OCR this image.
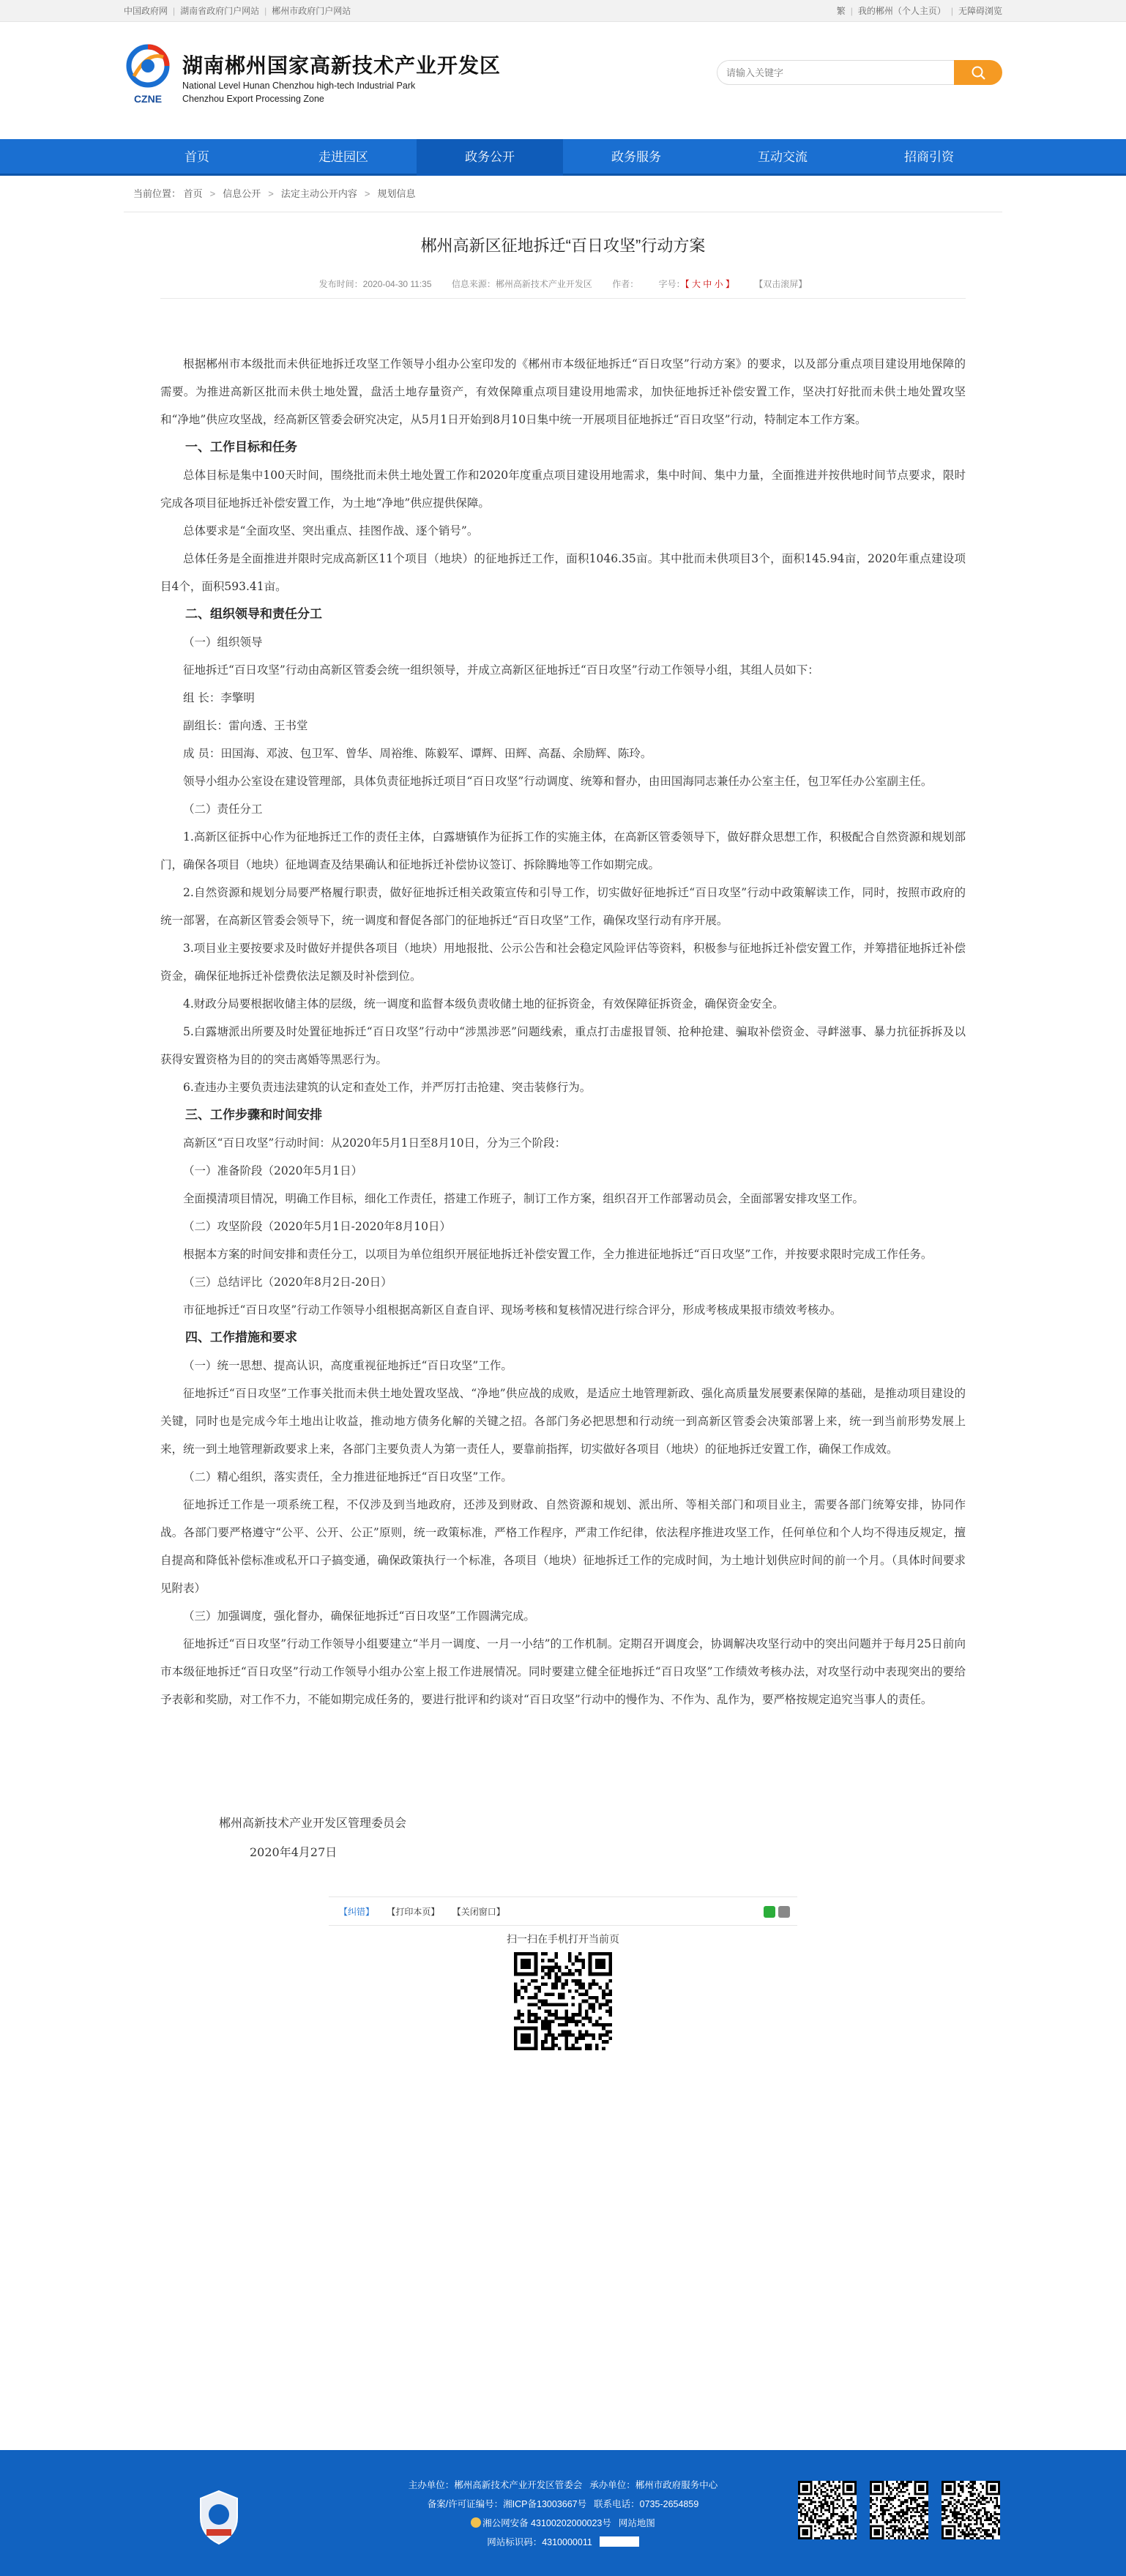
中国政府网 | 湖南省政府门户网站 | 郴州市政府门户网站	繁 | 我的郴州（个人主页） | 无障碍浏览
CZNE
湖南郴州国家高新技术产业开发区
National Level Hunan Chenzhou high-tech Industrial Park
Chenzhou Export Processing Zone
请输入关键字
首页	走进园区	政务公开	政务服务	互动交流	招商引资
当前位置： 首页 > 信息公开 > 法定主动公开内容 > 规划信息
郴州高新区征地拆迁“百日攻坚”行动方案
发布时间：2020-04-30 11:35 信息来源：郴州高新技术产业开发区 作者： 字号：【 大 中 小 】 【双击滚屏】

根据郴州市本级批而未供征地拆迁攻坚工作领导小组办公室印发的《郴州市本级征地拆迁“百日攻坚”行动方案》的要求，以及部分重点项目建设用地保障的需要。为推进高新区批而未供土地处置，盘活土地存量资产，有效保障重点项目建设用地需求，加快征地拆迁补偿安置工作，坚决打好批而未供土地处置攻坚和“净地”供应攻坚战，经高新区管委会研究决定，从5月1日开始到8月10日集中统一开展项目征地拆迁“百日攻坚”行动，特制定本工作方案。

一、工作目标和任务

总体目标是集中100天时间，围绕批而未供土地处置工作和2020年度重点项目建设用地需求，集中时间、集中力量，全面推进并按供地时间节点要求，限时完成各项目征地拆迁补偿安置工作，为土地“净地”供应提供保障。

总体要求是“全面攻坚、突出重点、挂图作战、逐个销号”。

总体任务是全面推进并限时完成高新区11个项目（地块）的征地拆迁工作，面积1046.35亩。其中批而未供项目3个，面积145.94亩，2020年重点建设项目4个，面积593.41亩。

二、组织领导和责任分工

（一）组织领导

征地拆迁“百日攻坚”行动由高新区管委会统一组织领导，并成立高新区征地拆迁“百日攻坚”行动工作领导小组，其组人员如下：

组 长：李擎明

副组长：雷向透、王书堂

成 员：田国海、邓波、包卫军、曾华、周裕维、陈毅军、谭辉、田辉、高磊、余励辉、陈玲。

领导小组办公室设在建设管理部，具体负责征地拆迁项目“百日攻坚”行动调度、统筹和督办，由田国海同志兼任办公室主任，包卫军任办公室副主任。

（二）责任分工

1.高新区征拆中心作为征地拆迁工作的责任主体，白露塘镇作为征拆工作的实施主体，在高新区管委领导下，做好群众思想工作，积极配合自然资源和规划部门，确保各项目（地块）征地调查及结果确认和征地拆迁补偿协议签订、拆除腾地等工作如期完成。

2.自然资源和规划分局要严格履行职责，做好征地拆迁相关政策宣传和引导工作，切实做好征地拆迁“百日攻坚”行动中政策解读工作，同时，按照市政府的统一部署，在高新区管委会领导下，统一调度和督促各部门的征地拆迁“百日攻坚”工作，确保攻坚行动有序开展。

3.项目业主要按要求及时做好并提供各项目（地块）用地报批、公示公告和社会稳定风险评估等资料，积极参与征地拆迁补偿安置工作，并筹措征地拆迁补偿资金，确保征地拆迁补偿费依法足额及时补偿到位。

4.财政分局要根据收储主体的层级，统一调度和监督本级负责收储土地的征拆资金，有效保障征拆资金，确保资金安全。

5.白露塘派出所要及时处置征地拆迁“百日攻坚”行动中“涉黑涉恶”问题线索，重点打击虚报冒领、抢种抢建、骗取补偿资金、寻衅滋事、暴力抗征拆拆及以获得安置资格为目的的突击离婚等黑恶行为。

6.查违办主要负责违法建筑的认定和查处工作，并严厉打击抢建、突击装修行为。

三、工作步骤和时间安排

高新区“百日攻坚”行动时间：从2020年5月1日至8月10日，分为三个阶段：

（一）准备阶段（2020年5月1日）

全面摸清项目情况，明确工作目标，细化工作责任，搭建工作班子，制订工作方案，组织召开工作部署动员会，全面部署安排攻坚工作。

（二）攻坚阶段（2020年5月1日-2020年8月10日）

根据本方案的时间安排和责任分工，以项目为单位组织开展征地拆迁补偿安置工作，全力推进征地拆迁“百日攻坚”工作，并按要求限时完成工作任务。

（三）总结评比（2020年8月2日-20日）

市征地拆迁“百日攻坚”行动工作领导小组根据高新区自查自评、现场考核和复核情况进行综合评分，形成考核成果报市绩效考核办。

四、工作措施和要求

（一）统一思想、提高认识，高度重视征地拆迁“百日攻坚”工作。

征地拆迁“百日攻坚”工作事关批而未供土地处置攻坚战、“净地”供应战的成败，是适应土地管理新政、强化高质量发展要素保障的基础，是推动项目建设的关键，同时也是完成今年土地出让收益，推动地方债务化解的关键之招。各部门务必把思想和行动统一到高新区管委会决策部署上来，统一到当前形势发展上来，统一到土地管理新政要求上来，各部门主要负责人为第一责任人，要靠前指挥，切实做好各项目（地块）的征地拆迁安置工作，确保工作成效。

（二）精心组织，落实责任，全力推进征地拆迁“百日攻坚”工作。

征地拆迁工作是一项系统工程，不仅涉及到当地政府，还涉及到财政、自然资源和规划、派出所、等相关部门和项目业主，需要各部门统筹安排，协同作战。各部门要严格遵守“公平、公开、公正”原则，统一政策标准，严格工作程序，严肃工作纪律，依法程序推进攻坚工作，任何单位和个人均不得违反规定，擅自提高和降低补偿标准或私开口子搞变通，确保政策执行一个标准，各项目（地块）征地拆迁工作的完成时间，为土地计划供应时间的前一个月。（具体时间要求见附表）

（三）加强调度，强化督办，确保征地拆迁“百日攻坚”工作圆满完成。

征地拆迁“百日攻坚”行动工作领导小组要建立“半月一调度、一月一小结”的工作机制。定期召开调度会，协调解决攻坚行动中的突出问题并于每月25日前向市本级征地拆迁“百日攻坚”行动工作领导小组办公室上报工作进展情况。同时要建立健全征地拆迁“百日攻坚”工作绩效考核办法，对攻坚行动中表现突出的要给予表彰和奖励，对工作不力，不能如期完成任务的，要进行批评和约谈对“百日攻坚”行动中的慢作为、不作为、乱作为，要严格按规定追究当事人的责任。

郴州高新技术产业开发区管理委员会
2020年4月27日
【纠错】 【打印本页】 【关闭窗口】
扫一扫在手机打开当前页
主办单位：郴州高新技术产业开发区管委会 承办单位：郴州市政府服务中心
备案/许可证编号：湘ICP备13003667号 联系电话：0735-2654859
湘公网安备 43100202000023号 网站地图
网站标识码：4310000011
